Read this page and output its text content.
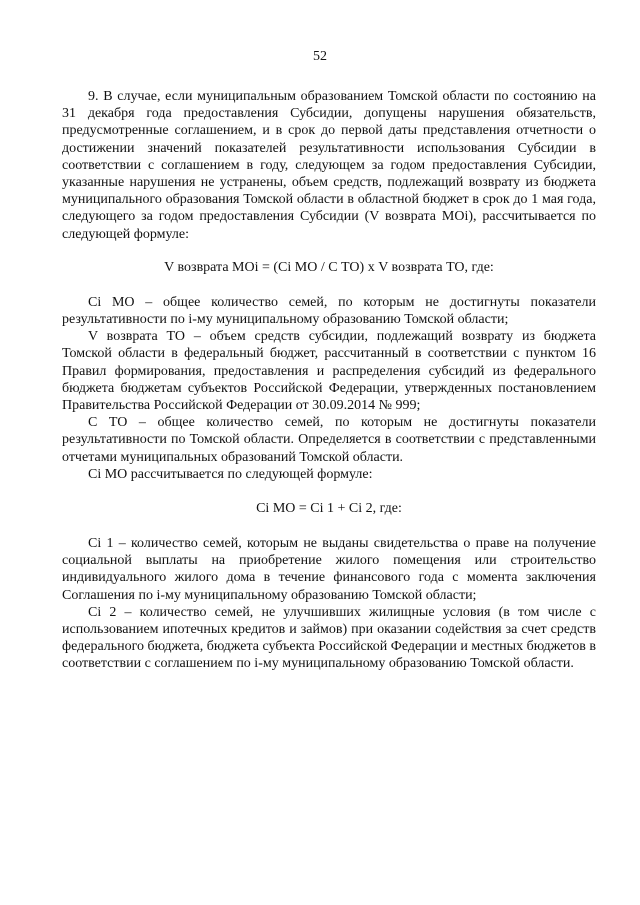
52

9. В случае, если муниципальным образованием Томской области по состоянию на 31 декабря года предоставления Субсидии, допущены нарушения обязательств, предусмотренные соглашением, и в срок до первой даты представления отчетности о достижении значений показателей результативности использования Субсидии в соответствии с соглашением в году, следующем за годом предоставления Субсидии, указанные нарушения не устранены, объем средств, подлежащий возврату из бюджета муниципального образования Томской области в областной бюджет в срок до 1 мая года, следующего за годом предоставления Субсидии (V возврата МОi), рассчитывается по следующей формуле:

V возврата МОi = (Ci МО / С ТО) х V возврата ТО, где:

Ci МО – общее количество семей, по которым не достигнуты показатели результативности по i-му муниципальному образованию Томской области;

V возврата ТО – объем средств субсидии, подлежащий возврату из бюджета Томской области в федеральный бюджет, рассчитанный в соответствии с пунктом 16 Правил формирования, предоставления и распределения субсидий из федерального бюджета бюджетам субъектов Российской Федерации, утвержденных постановлением Правительства Российской Федерации от 30.09.2014 № 999;

С ТО – общее количество семей, по которым не достигнуты показатели результативности по Томской области. Определяется в соответствии с представленными отчетами муниципальных образований Томской области.

Ci МО рассчитывается по следующей формуле:

Ci МО = Ci 1 + Ci 2, где:

Ci 1 – количество семей, которым не выданы свидетельства о праве на получение социальной выплаты на приобретение жилого помещения или строительство индивидуального жилого дома в течение финансового года с момента заключения Соглашения по i-му муниципальному образованию Томской области;

Ci 2 – количество семей, не улучшивших жилищные условия (в том числе с использованием ипотечных кредитов и займов) при оказании содействия за счет средств федерального бюджета, бюджета субъекта Российской Федерации и местных бюджетов в соответствии с соглашением по i-му муниципальному образованию Томской области.
